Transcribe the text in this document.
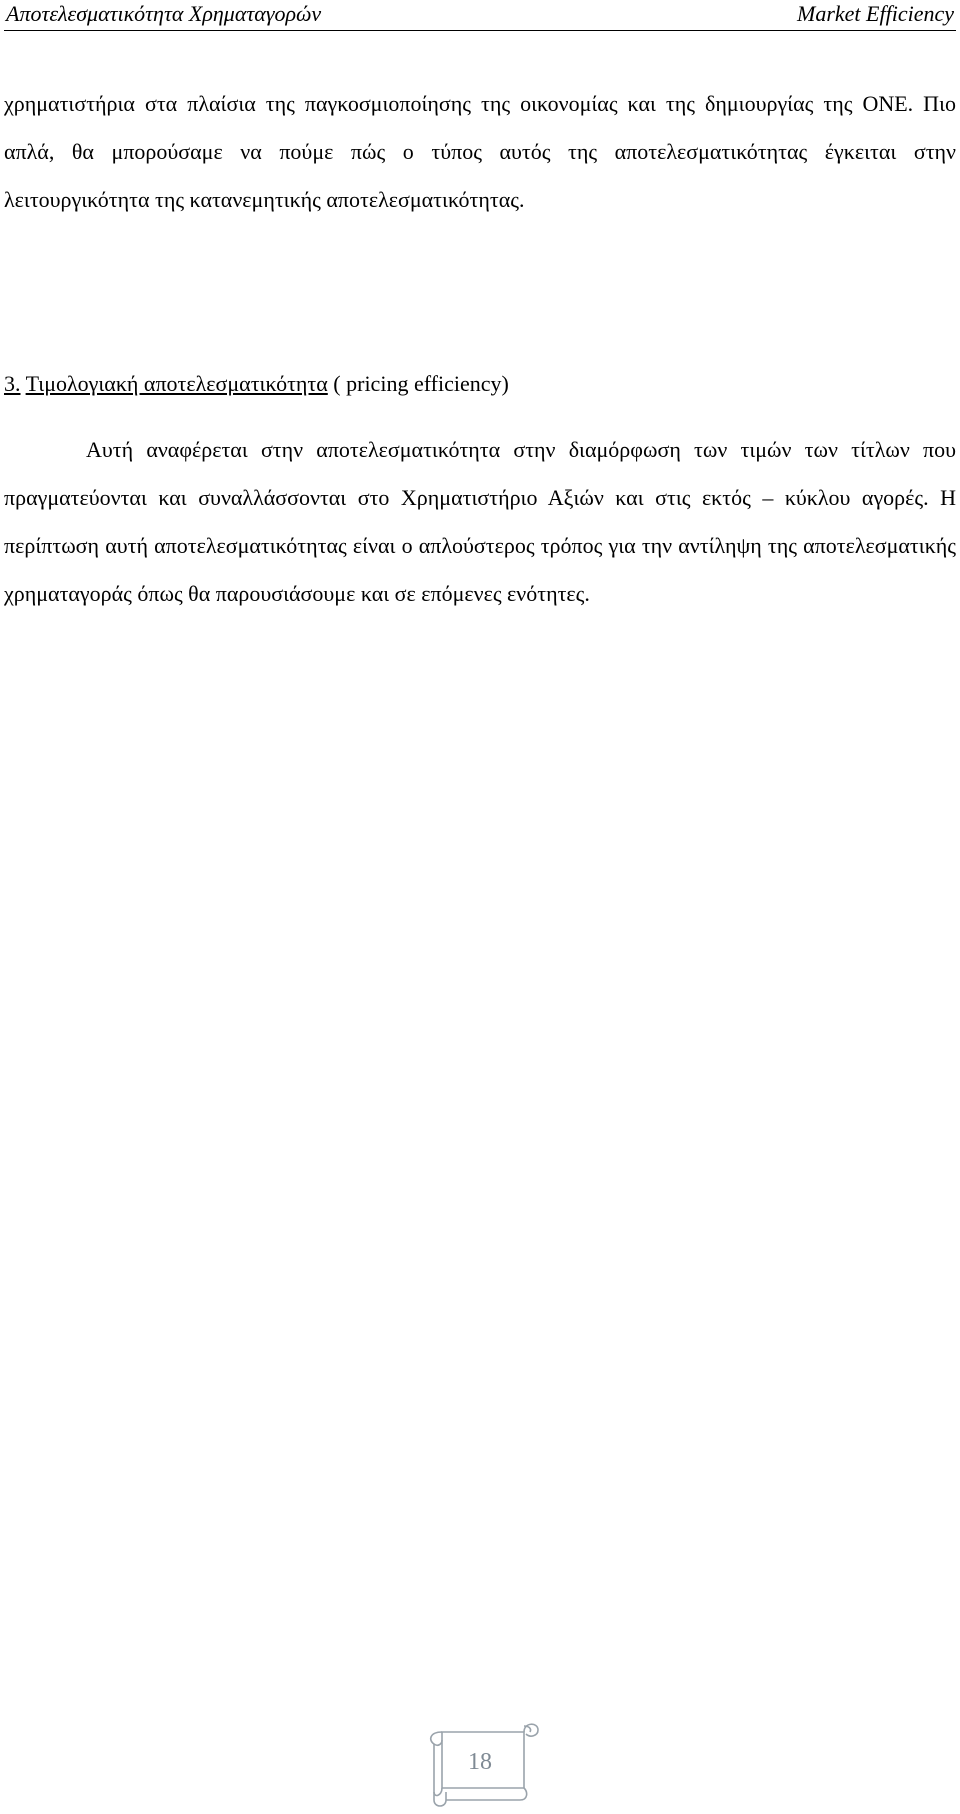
Αποτελεσματικότητα Χρηματαγορών	Market Efficiency

χρηματιστήρια στα πλαίσια της παγκοσμιοποίησης της οικονομίας και της δημιουργίας της ΟΝΕ. Πιο απλά, θα μπορούσαμε να πούμε πώς ο τύπος αυτός της αποτελεσματικότητας έγκειται στην λειτουργικότητα της κατανεμητικής αποτελεσματικότητας.

3. Τιμολογιακή αποτελεσματικότητα ( pricing efficiency)

Αυτή αναφέρεται στην αποτελεσματικότητα στην διαμόρφωση των τιμών των τίτλων που πραγματεύονται και συναλλάσσονται στο Χρηματιστήριο Αξιών και στις εκτός – κύκλου αγορές. Η περίπτωση αυτή αποτελεσματικότητας είναι ο απλούστερος τρόπος για την αντίληψη της αποτελεσματικής χρηματαγοράς όπως θα παρουσιάσουμε και σε επόμενες ενότητες.

18
